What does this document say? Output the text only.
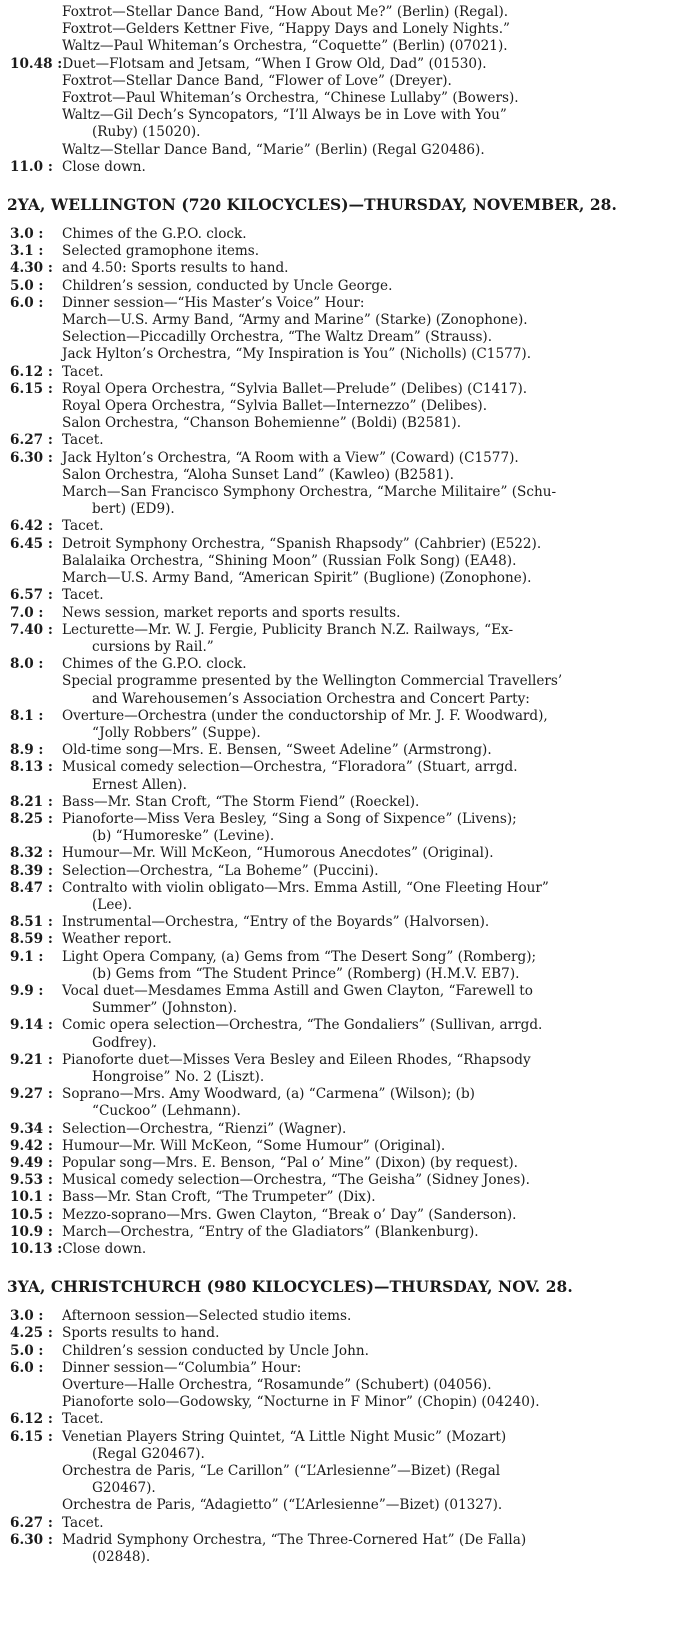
Foxtrot—Stellar Dance Band, “How About Me?” (Berlin) (Regal).
Foxtrot—Gelders Kettner Five, “Happy Days and Lonely Nights.”
Waltz—Paul Whiteman’s Orchestra, “Coquette” (Berlin) (07021).
10.48 : Duet—Flotsam and Jetsam, “When I Grow Old, Dad” (01530).
Foxtrot—Stellar Dance Band, “Flower of Love” (Dreyer).
Foxtrot—Paul Whiteman’s Orchestra, “Chinese Lullaby” (Bowers).
Waltz—Gil Dech’s Syncopators, “I’ll Always be in Love with You”
(Ruby) (15020).
Waltz—Stellar Dance Band, “Marie” (Berlin) (Regal G20486).
11.0 : Close down.
2YA, WELLINGTON (720 KILOCYCLES)—THURSDAY, NOVEMBER, 28.
3.0 :	Chimes of the G.P.O. clock.
3.1 :	Selected gramophone items.
4.30 : and 4.50: Sports results to hand.
5.0 :	Children’s session, conducted by Uncle George.
6.0 :	Dinner session—“His Master’s Voice” Hour:
March—U.S. Army Band, “Army and Marine” (Starke) (Zonophone).
Selection—Piccadilly Orchestra, “The Waltz Dream” (Strauss).
Jack Hylton’s Orchestra, “My Inspiration is You” (Nicholls) (C1577).
6.12 : Tacet.
6.15 : Royal Opera Orchestra, “Sylvia Ballet—Prelude” (Delibes) (C1417).
Royal Opera Orchestra, “Sylvia Ballet—Internezzo” (Delibes).
Salon Orchestra, “Chanson Bohemienne” (Boldi) (B2581).
6.27 : Tacet.
6.30 : Jack Hylton’s Orchestra, “A Room with a View” (Coward) (C1577).
Salon Orchestra, “Aloha Sunset Land” (Kawleo) (B2581).
March—San Francisco Symphony Orchestra, “Marche Militaire” (Schu-
bert) (ED9).
6.42 : Tacet.
6.45 : Detroit Symphony Orchestra, “Spanish Rhapsody” (Cahbrier) (E522).
Balalaika Orchestra, “Shining Moon” (Russian Folk Song) (EA48).
March—U.S. Army Band, “American Spirit” (Buglione) (Zonophone).
6.57 : Tacet.
7.0 :	News session, market reports and sports results.
7.40 : Lecturette—Mr. W. J. Fergie, Publicity Branch N.Z. Railways, “Ex-
cursions by Rail.”
8.0 :	Chimes of the G.P.O. clock.
Special programme presented by the Wellington Commercial Travellers’
and Warehousemen’s Association Orchestra and Concert Party:
8.1 :	Overture—Orchestra (under the conductorship of Mr. J. F. Woodward),
“Jolly Robbers” (Suppe).
8.9 :	Old-time song—Mrs. E. Bensen, “Sweet Adeline” (Armstrong).
8.13 : Musical comedy selection—Orchestra, “Floradora” (Stuart, arrgd.
Ernest Allen).
8.21 : Bass—Mr. Stan Croft, “The Storm Fiend” (Roeckel).
8.25 : Pianoforte—Miss Vera Besley, “Sing a Song of Sixpence” (Livens);
(b) “Humoreske” (Levine).
8.32 : Humour—Mr. Will McKeon, “Humorous Anecdotes” (Original).
8.39 : Selection—Orchestra, “La Boheme” (Puccini).
8.47 : Contralto with violin obligato—Mrs. Emma Astill, “One Fleeting Hour”
(Lee).
8.51 : Instrumental—Orchestra, “Entry of the Boyards” (Halvorsen).
8.59 : Weather report.
9.1 :	Light Opera Company, (a) Gems from “The Desert Song” (Romberg);
(b) Gems from “The Student Prince” (Romberg) (H.M.V. EB7).
9.9 :	Vocal duet—Mesdames Emma Astill and Gwen Clayton, “Farewell to
Summer” (Johnston).
9.14 : Comic opera selection—Orchestra, “The Gondaliers” (Sullivan, arrgd.
Godfrey).
9.21 : Pianoforte duet—Misses Vera Besley and Eileen Rhodes, “Rhapsody
Hongroise” No. 2 (Liszt).
9.27 : Soprano—Mrs. Amy Woodward, (a) “Carmena” (Wilson); (b)
“Cuckoo” (Lehmann).
9.34 : Selection—Orchestra, “Rienzi” (Wagner).
9.42 : Humour—Mr. Will McKeon, “Some Humour” (Original).
9.49 : Popular song—Mrs. E. Benson, “Pal o’ Mine” (Dixon) (by request).
9.53 : Musical comedy selection—Orchestra, “The Geisha” (Sidney Jones).
10.1 : Bass—Mr. Stan Croft, “The Trumpeter” (Dix).
10.5 : Mezzo-soprano—Mrs. Gwen Clayton, “Break o’ Day” (Sanderson).
10.9 : March—Orchestra, “Entry of the Gladiators” (Blankenburg).
10.13 : Close down.
3YA, CHRISTCHURCH (980 KILOCYCLES)—THURSDAY, NOV. 28.
3.0 :	Afternoon session—Selected studio items.
4.25 : Sports results to hand.
5.0 :	Children’s session conducted by Uncle John.
6.0 :	Dinner session—“Columbia” Hour:
Overture—Halle Orchestra, “Rosamunde” (Schubert) (04056).
Pianoforte solo—Godowsky, “Nocturne in F Minor” (Chopin) (04240).
6.12 : Tacet.
6.15 : Venetian Players String Quintet, “A Little Night Music” (Mozart)
(Regal G20467).
Orchestra de Paris, “Le Carillon” (“L’Arlesienne”—Bizet) (Regal
G20467).
Orchestra de Paris, “Adagietto” (“L’Arlesienne”—Bizet) (01327).
6.27 : Tacet.
6.30 : Madrid Symphony Orchestra, “The Three-Cornered Hat” (De Falla)
(02848).
